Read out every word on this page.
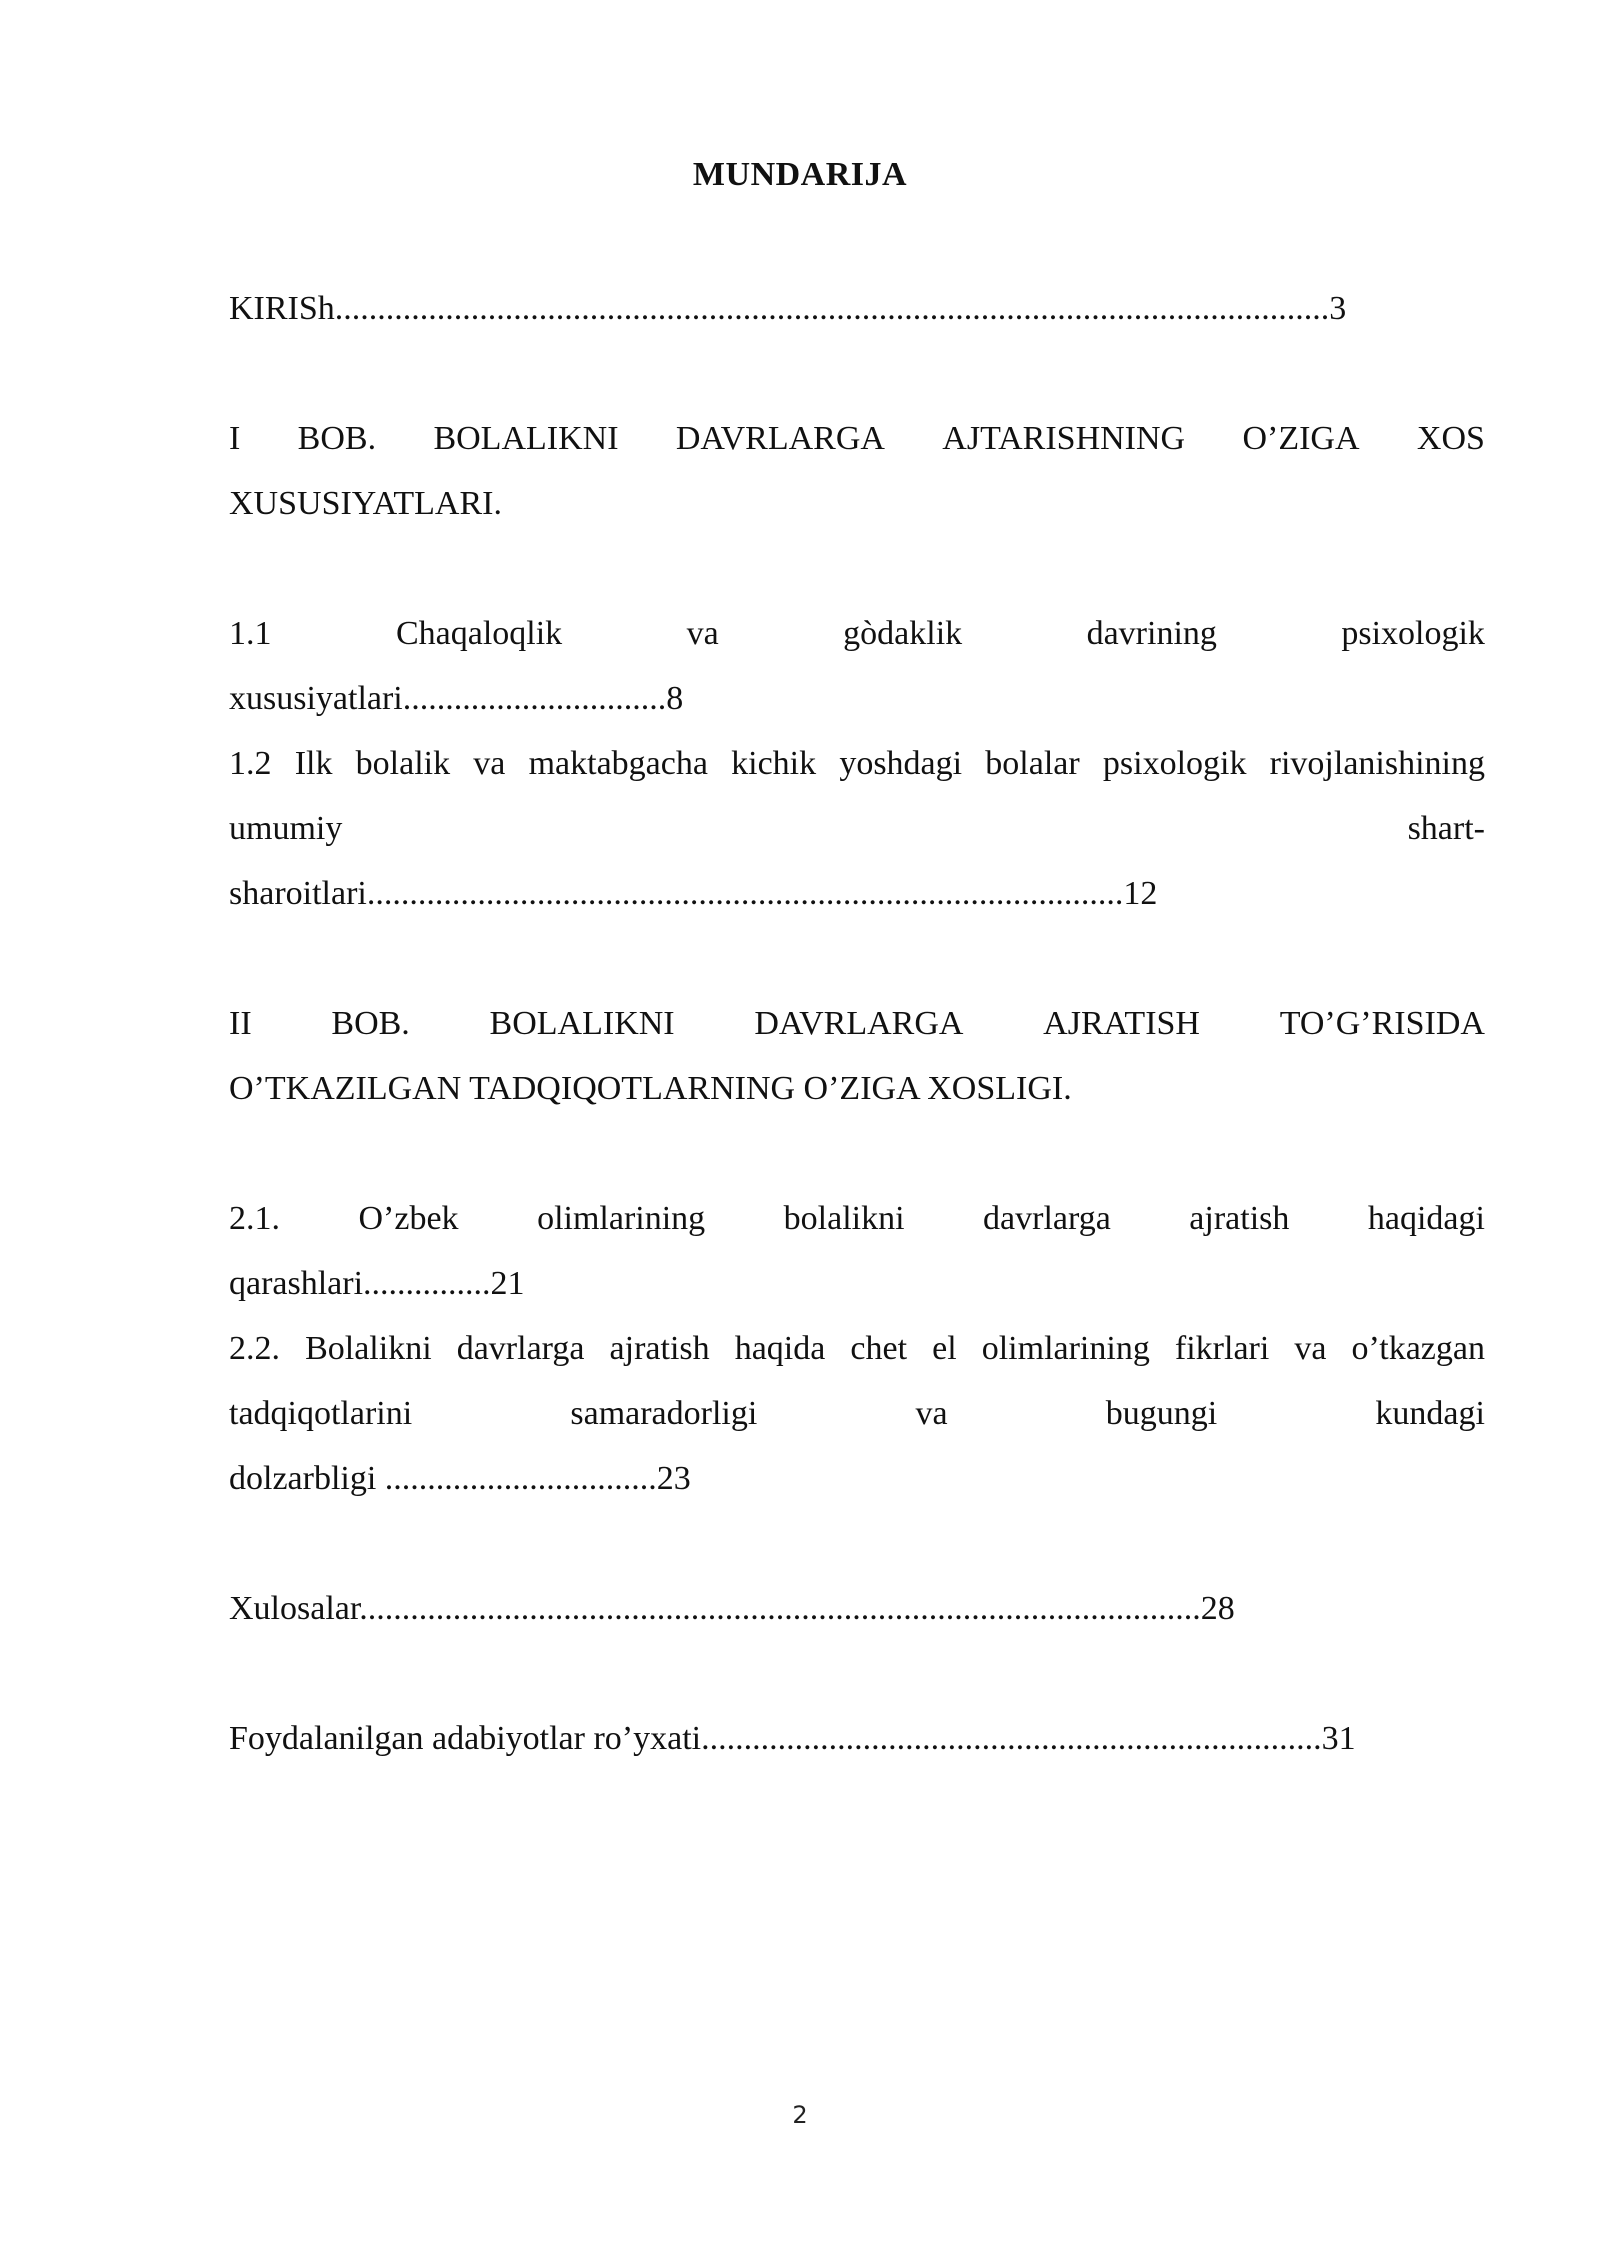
MUNDARIJA
KIRISh.....................................................................................................................3
I BOB. BOLALIKNI DAVRLARGA AJTARISHNING O’ZIGA XOS
XUSUSIYATLARI.
1.1	Chaqaloqlik	va	gòdaklik	davrining	psixologik
xususiyatlari...............................8
1.2 Ilk bolalik va maktabgacha kichik yoshdagi bolalar psixologik rivojlanishining
umumiy	shart-
sharoitlari.........................................................................................12
II BOB. BOLALIKNI DAVRLARGA AJRATISH TO’G’RISIDA
O’TKAZILGAN TADQIQOTLARNING O’ZIGA XOSLIGI.
2.1. O’zbek olimlarining bolalikni davrlarga ajratish haqidagi
qarashlari...............21
2.2. Bolalikni davrlarga ajratish haqida chet el olimlarining fikrlari va o’tkazgan
tadqiqotlarini	samaradorligi	va	bugungi	kundagi
dolzarbligi ................................23
Xulosalar...................................................................................................28
Foydalanilgan adabiyotlar ro’yxati.........................................................................31
2
